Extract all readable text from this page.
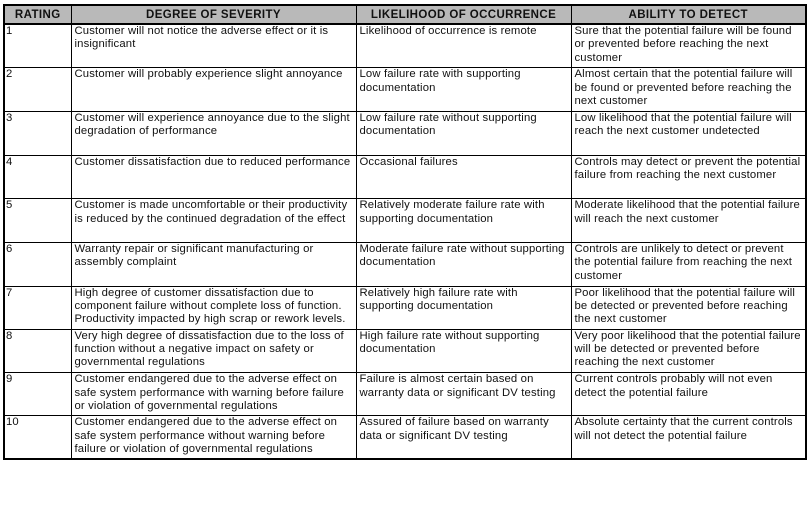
RATING	DEGREE OF SEVERITY	LIKELIHOOD OF OCCURRENCE	ABILITY TO DETECT
1	Customer will not notice the adverse effect or it is insignificant	Likelihood of occurrence is remote	Sure that the potential failure will be found or prevented before reaching the next customer
2	Customer will probably experience slight annoyance	Low failure rate with supporting documentation	Almost certain that the potential failure will be found or prevented before reaching the next customer
3	Customer will experience annoyance due to the slight degradation of performance	Low failure rate without supporting documentation	Low likelihood that the potential failure will reach the next customer undetected
4	Customer dissatisfaction due to reduced performance	Occasional failures	Controls may detect or prevent the potential failure from reaching the next customer
5	Customer is made uncomfortable or their productivity is reduced by the continued degradation of the effect	Relatively moderate failure rate with supporting documentation	Moderate likelihood that the potential failure will reach the next customer
6	Warranty repair or significant manufacturing or assembly complaint	Moderate failure rate without supporting documentation	Controls are unlikely to detect or prevent the potential failure from reaching the next customer
7	High degree of customer dissatisfaction due to component failure without complete loss of function. Productivity impacted by high scrap or rework levels.	Relatively high failure rate with supporting documentation	Poor likelihood that the potential failure will be detected or prevented before reaching the next customer
8	Very high degree of dissatisfaction due to the loss of function without a negative impact on safety or governmental regulations	High failure rate without supporting documentation	Very poor likelihood that the potential failure will be detected or prevented before reaching the next customer
9	Customer endangered due to the adverse effect on safe system performance with warning before failure or violation of governmental regulations	Failure is almost certain based on warranty data or significant DV testing	Current controls probably will not even detect the potential failure
10	Customer endangered due to the adverse effect on safe system performance without warning before failure or violation of governmental regulations	Assured of failure based on warranty data or significant DV testing	Absolute certainty that the current controls will not detect the potential failure
